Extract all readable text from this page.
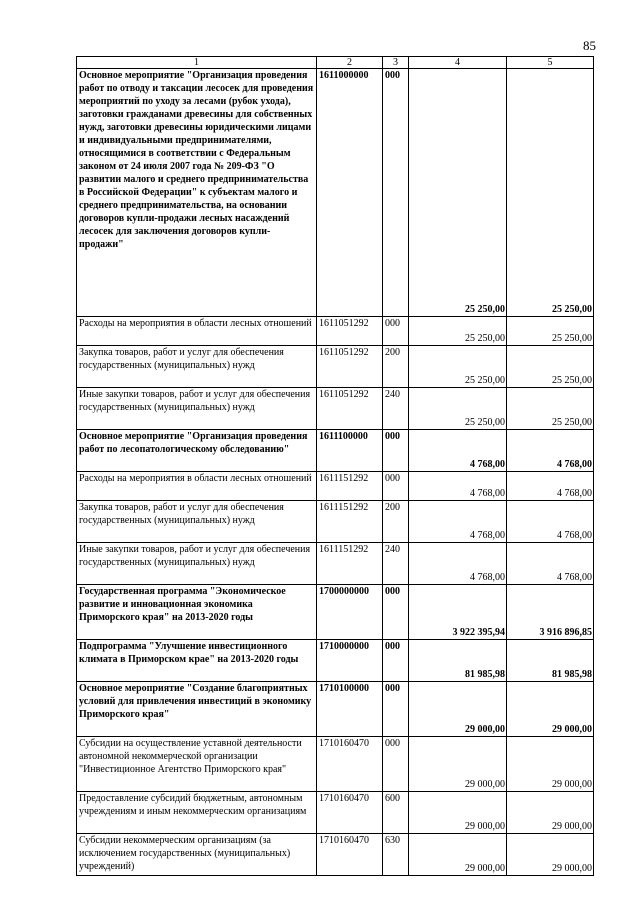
85
1	2	3	4	5
Основное мероприятие "Организация проведения работ по отводу и таксации лесосек для проведения мероприятий по уходу за лесами (рубок ухода), заготовки гражданами древесины для собственных нужд, заготовки древесины юридическими лицами и индивидуальными предпринимателями, относящимися в соответствии с Федеральным законом от 24 июля 2007 года № 209-ФЗ "О развитии малого и среднего предпринимательства в Российской Федерации" к субъектам малого и среднего предпринимательства, на основании договоров купли-продажи лесных насаждений лесосек для заключения договоров купли-продажи"	1611000000	000	25 250,00	25 250,00
Расходы на мероприятия в области лесных отношений	1611051292	000	25 250,00	25 250,00
Закупка товаров, работ и услуг для обеспечения государственных (муниципальных) нужд	1611051292	200	25 250,00	25 250,00
Иные закупки товаров, работ и услуг для обеспечения государственных (муниципальных) нужд	1611051292	240	25 250,00	25 250,00
Основное мероприятие "Организация проведения работ по лесопатологическому обследованию"	1611100000	000	4 768,00	4 768,00
Расходы на мероприятия в области лесных отношений	1611151292	000	4 768,00	4 768,00
Закупка товаров, работ и услуг для обеспечения государственных (муниципальных) нужд	1611151292	200	4 768,00	4 768,00
Иные закупки товаров, работ и услуг для обеспечения государственных (муниципальных) нужд	1611151292	240	4 768,00	4 768,00
Государственная программа "Экономическое развитие и инновационная экономика Приморского края" на 2013-2020 годы	1700000000	000	3 922 395,94	3 916 896,85
Подпрограмма "Улучшение инвестиционного климата в Приморском крае" на 2013-2020 годы	1710000000	000	81 985,98	81 985,98
Основное мероприятие "Создание благоприятных условий для привлечения инвестиций в экономику Приморского края"	1710100000	000	29 000,00	29 000,00
Субсидии на осуществление уставной деятельности автономной некоммерческой организации "Инвестиционное Агентство Приморского края"	1710160470	000	29 000,00	29 000,00
Предоставление субсидий бюджетным, автономным учреждениям и иным некоммерческим организациям	1710160470	600	29 000,00	29 000,00
Субсидии некоммерческим организациям (за исключением государственных (муниципальных) учреждений)	1710160470	630	29 000,00	29 000,00
